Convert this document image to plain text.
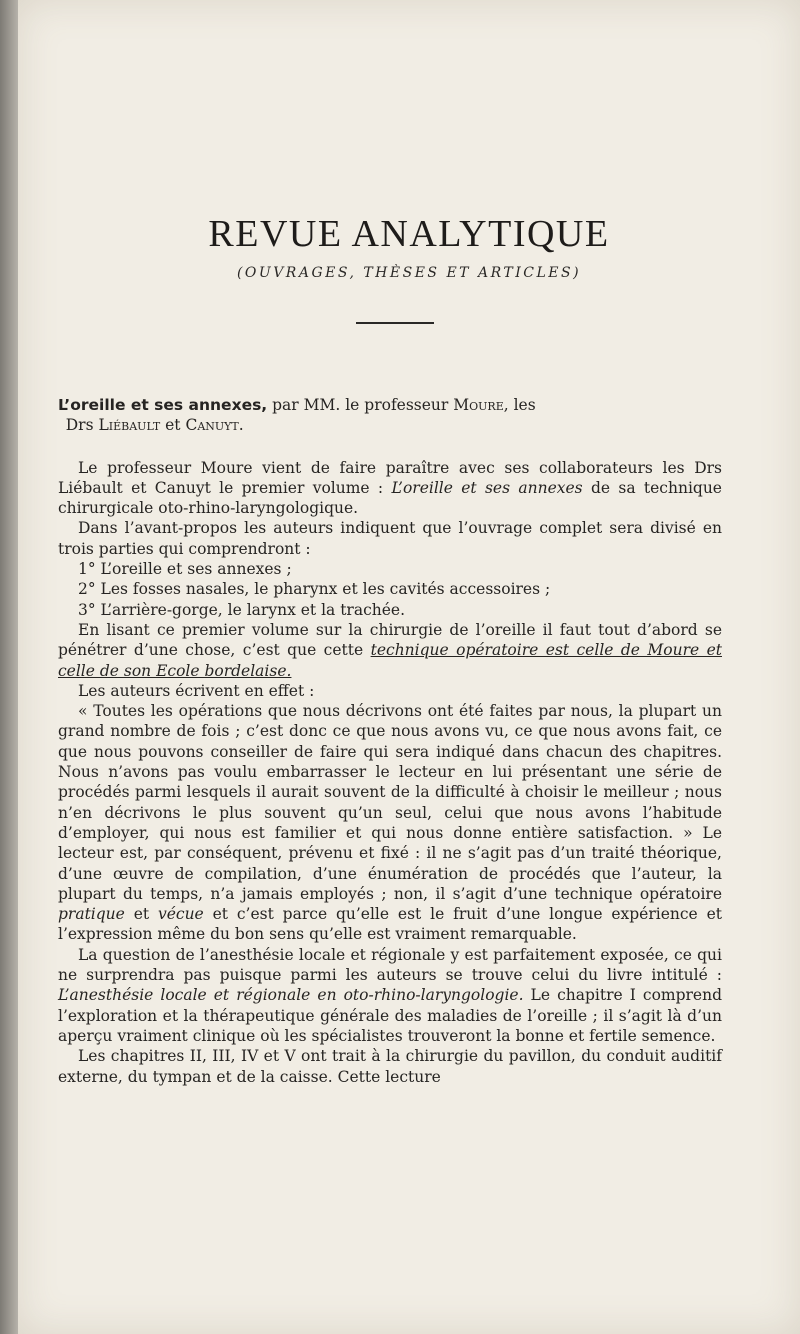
REVUE ANALYTIQUE
(OUVRAGES, THÈSES ET ARTICLES)

L’oreille et ses annexes, par MM. le professeur Moure, les
 Drs Liébault et Canuyt.

Le professeur Moure vient de faire paraître avec ses collaborateurs les Drs Liébault et Canuyt le premier volume : L’oreille et ses annexes de sa technique chirurgicale oto-rhino-laryngologique.

Dans l’avant-propos les auteurs indiquent que l’ouvrage complet sera divisé en trois parties qui comprendront :

1° L’oreille et ses annexes ;

2° Les fosses nasales, le pharynx et les cavités accessoires ;

3° L’arrière-gorge, le larynx et la trachée.

En lisant ce premier volume sur la chirurgie de l’oreille il faut tout d’abord se pénétrer d’une chose, c’est que cette technique opératoire est celle de Moure et celle de son Ecole bordelaise.

Les auteurs écrivent en effet :

« Toutes les opérations que nous décrivons ont été faites par nous, la plupart un grand nombre de fois ; c’est donc ce que nous avons vu, ce que nous avons fait, ce que nous pouvons conseiller de faire qui sera indiqué dans chacun des chapitres. Nous n’avons pas voulu embarrasser le lecteur en lui présentant une série de procédés parmi lesquels il aurait souvent de la difficulté à choisir le meilleur ; nous n’en décrivons le plus souvent qu’un seul, celui que nous avons l’habitude d’employer, qui nous est familier et qui nous donne entière satisfaction. » Le lecteur est, par conséquent, prévenu et fixé : il ne s’agit pas d’un traité théorique, d’une œuvre de compilation, d’une énumération de procédés que l’auteur, la plupart du temps, n’a jamais employés ; non, il s’agit d’une technique opératoire pratique et vécue et c’est parce qu’elle est le fruit d’une longue expérience et l’expression même du bon sens qu’elle est vraiment remarquable.

La question de l’anesthésie locale et régionale y est parfaitement exposée, ce qui ne surprendra pas puisque parmi les auteurs se trouve celui du livre intitulé : L’anesthésie locale et régionale en oto-rhino-laryngologie. Le chapitre I comprend l’exploration et la thérapeutique générale des maladies de l’oreille ; il s’agit là d’un aperçu vraiment clinique où les spécialistes trouveront la bonne et fertile semence.

Les chapitres II, III, IV et V ont trait à la chirurgie du pavillon, du conduit auditif externe, du tympan et de la caisse. Cette lecture
